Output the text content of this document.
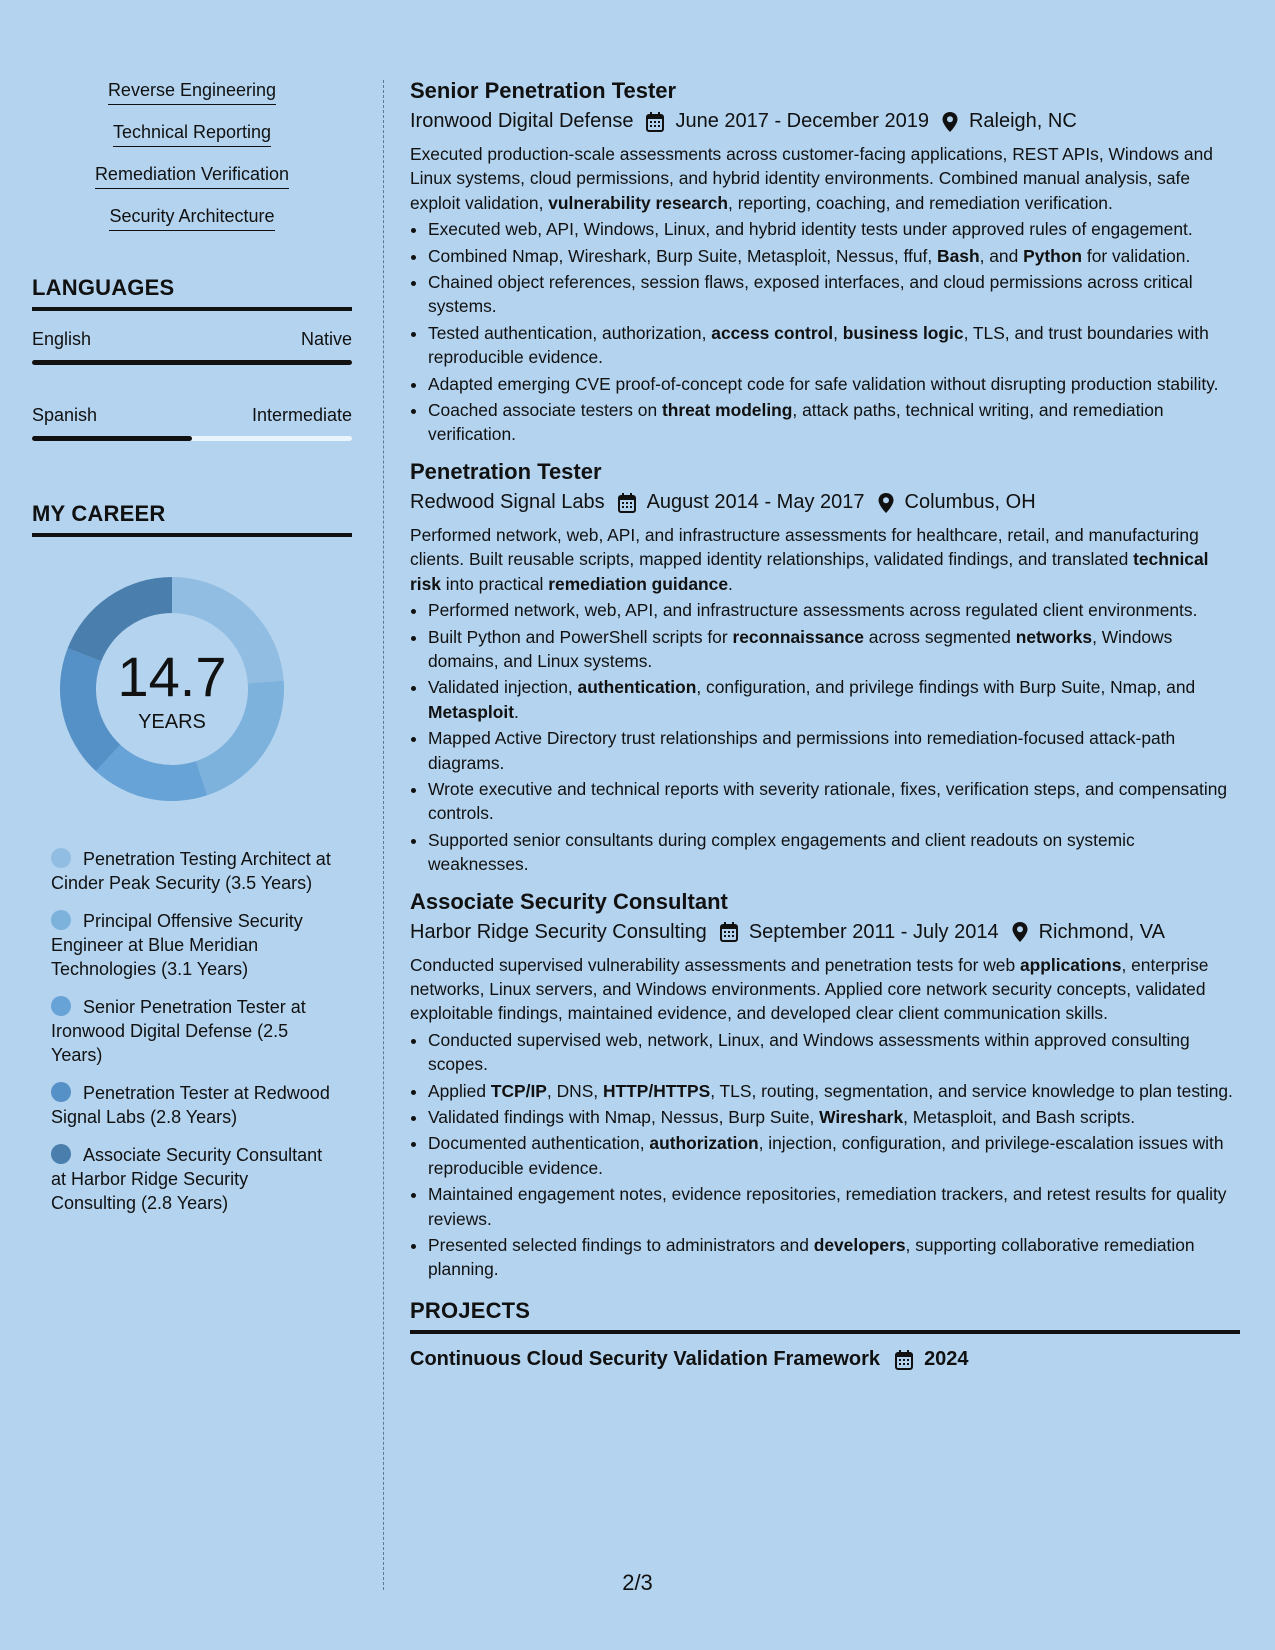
Reverse Engineering
Technical Reporting
Remediation Verification
Security Architecture
LANGUAGES
English	Native
Spanish	Intermediate
MY CAREER
14.7
YEARS
Penetration Testing Architect at Cinder Peak Security (3.5 Years)
Principal Offensive Security Engineer at Blue Meridian Technologies (3.1 Years)
Senior Penetration Tester at Ironwood Digital Defense (2.5 Years)
Penetration Tester at Redwood Signal Labs (2.8 Years)
Associate Security Consultant at Harbor Ridge Security Consulting (2.8 Years)
Senior Penetration Tester
Ironwood Digital Defense June 2017 - December 2019 Raleigh, NC
Executed production-scale assessments across customer-facing applications, REST APIs, Windows and Linux systems, cloud permissions, and hybrid identity environments. Combined manual analysis, safe exploit validation, vulnerability research, reporting, coaching, and remediation verification.
• Executed web, API, Windows, Linux, and hybrid identity tests under approved rules of engagement.
• Combined Nmap, Wireshark, Burp Suite, Metasploit, Nessus, ffuf, Bash, and Python for validation.
• Chained object references, session flaws, exposed interfaces, and cloud permissions across critical systems.
• Tested authentication, authorization, access control, business logic, TLS, and trust boundaries with reproducible evidence.
• Adapted emerging CVE proof-of-concept code for safe validation without disrupting production stability.
• Coached associate testers on threat modeling, attack paths, technical writing, and remediation verification.
Penetration Tester
Redwood Signal Labs August 2014 - May 2017 Columbus, OH
Performed network, web, API, and infrastructure assessments for healthcare, retail, and manufacturing clients. Built reusable scripts, mapped identity relationships, validated findings, and translated technical risk into practical remediation guidance.
• Performed network, web, API, and infrastructure assessments across regulated client environments.
• Built Python and PowerShell scripts for reconnaissance across segmented networks, Windows domains, and Linux systems.
• Validated injection, authentication, configuration, and privilege findings with Burp Suite, Nmap, and Metasploit.
• Mapped Active Directory trust relationships and permissions into remediation-focused attack-path diagrams.
• Wrote executive and technical reports with severity rationale, fixes, verification steps, and compensating controls.
• Supported senior consultants during complex engagements and client readouts on systemic weaknesses.
Associate Security Consultant
Harbor Ridge Security Consulting September 2011 - July 2014 Richmond, VA
Conducted supervised vulnerability assessments and penetration tests for web applications, enterprise networks, Linux servers, and Windows environments. Applied core network security concepts, validated exploitable findings, maintained evidence, and developed clear client communication skills.
• Conducted supervised web, network, Linux, and Windows assessments within approved consulting scopes.
• Applied TCP/IP, DNS, HTTP/HTTPS, TLS, routing, segmentation, and service knowledge to plan testing.
• Validated findings with Nmap, Nessus, Burp Suite, Wireshark, Metasploit, and Bash scripts.
• Documented authentication, authorization, injection, configuration, and privilege-escalation issues with reproducible evidence.
• Maintained engagement notes, evidence repositories, remediation trackers, and retest results for quality reviews.
• Presented selected findings to administrators and developers, supporting collaborative remediation planning.
PROJECTS
Continuous Cloud Security Validation Framework 2024
2/3
